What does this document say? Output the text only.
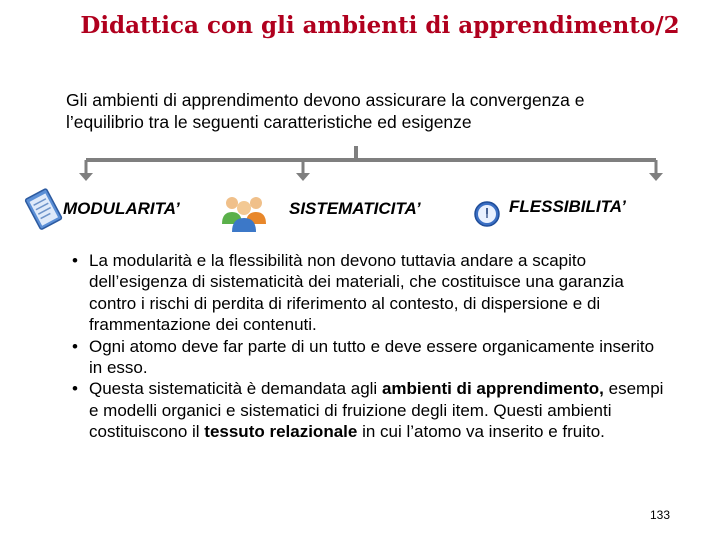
Didattica con gli ambienti di apprendimento/2
Gli ambienti di apprendimento devono assicurare la convergenza e
l’equilibrio tra le seguenti caratteristiche ed esigenze
MODULARITA’	SISTEMATICITA’	FLESSIBILITA’
• La modularità e la flessibilità non devono tuttavia andare a scapito dell’esigenza di sistematicità dei materiali, che costituisce una garanzia contro i rischi di perdita di riferimento al contesto, di dispersione e di frammentazione dei contenuti.
• Ogni atomo deve far parte di un tutto e deve essere organicamente inserito in esso.
• Questa sistematicità è demandata agli ambienti di apprendimento, esempi e modelli organici e sistematici di fruizione degli item. Questi ambienti costituiscono il tessuto relazionale in cui l’atomo va inserito e fruito.
133
